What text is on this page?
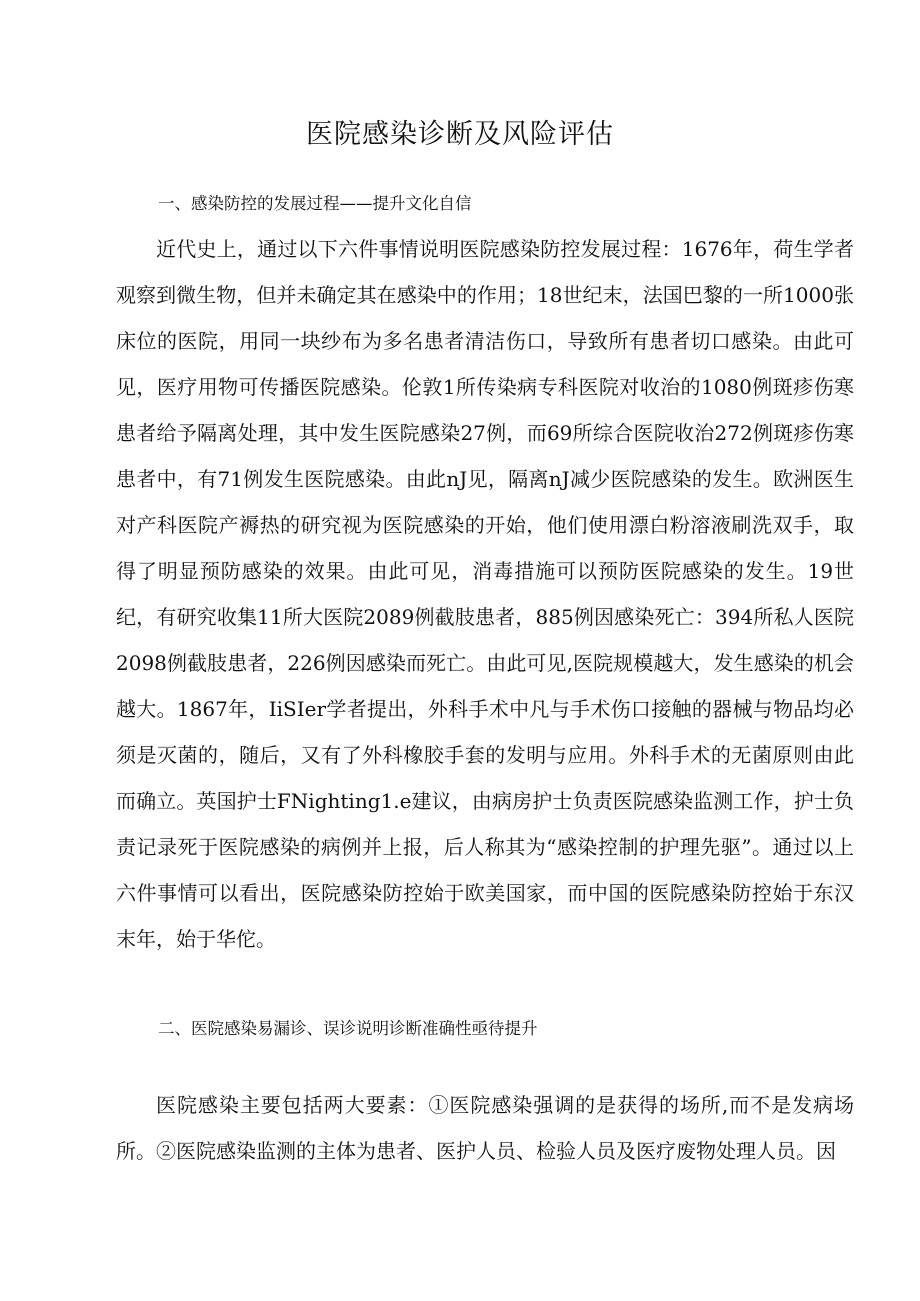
医院感染诊断及风险评估
一、感染防控的发展过程——提升文化自信

近代史上，通过以下六件事情说明医院感染防控发展过程：1676年，荷生学者观察到微生物，但并未确定其在感染中的作用；18世纪末，法国巴黎的一所1000张床位的医院，用同一块纱布为多名患者清洁伤口，导致所有患者切口感染。由此可见，医疗用物可传播医院感染。伦敦1所传染病专科医院对收治的1080例斑疹伤寒患者给予隔离处理，其中发生医院感染27例，而69所综合医院收治272例斑疹伤寒患者中，有71例发生医院感染。由此nJ见，隔离nJ减少医院感染的发生。欧洲医生对产科医院产褥热的研究视为医院感染的开始，他们使用漂白粉溶液刷洗双手，取得了明显预防感染的效果。由此可见，消毒措施可以预防医院感染的发生。19世纪，有研究收集11所大医院2089例截肢患者，885例因感染死亡：394所私人医院2098例截肢患者，226例因感染而死亡。由此可见,医院规模越大，发生感染的机会越大。1867年，IiSIer学者提出，外科手术中凡与手术伤口接触的器械与物品均必须是灭菌的，随后，又有了外科橡胶手套的发明与应用。外科手术的无菌原则由此而确立。英国护士FNighting1.e建议，由病房护士负责医院感染监测工作，护士负责记录死于医院感染的病例并上报，后人称其为“感染控制的护理先驱”。通过以上六件事情可以看出，医院感染防控始于欧美国家，而中国的医院感染防控始于东汉末年，始于华佗。

二、医院感染易漏诊、误诊说明诊断准确性亟待提升

医院感染主要包括两大要素：①医院感染强调的是获得的场所,而不是发病场所。②医院感染监测的主体为患者、医护人员、检验人员及医疗废物处理人员。因
